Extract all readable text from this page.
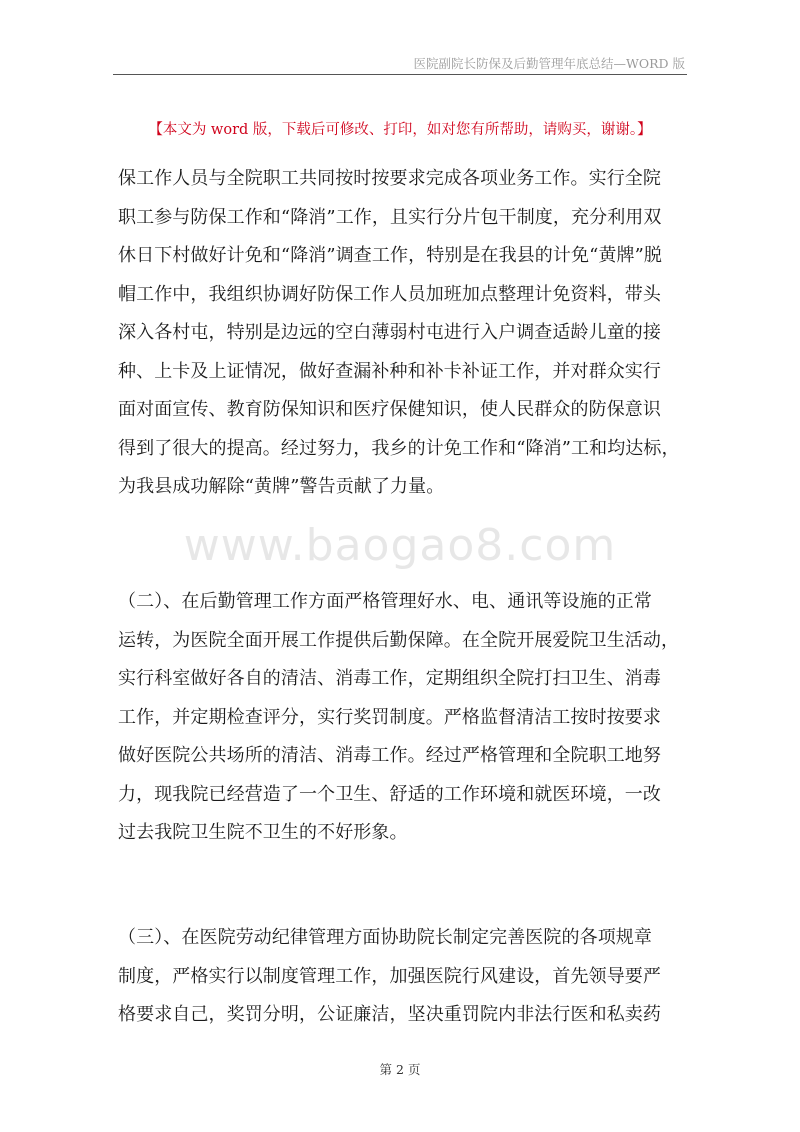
医院副院长防保及后勤管理年底总结—WORD 版
【本文为 word 版，下载后可修改、打印，如对您有所帮助，请购买，谢谢。】
www.baogao8.com

保工作人员与全院职工共同按时按要求完成各项业务工作。实行全院
职工参与防保工作和“降消”工作，且实行分片包干制度，充分利用双
休日下村做好计免和“降消”调查工作，特别是在我县的计免“黄牌”脱
帽工作中，我组织协调好防保工作人员加班加点整理计免资料，带头
深入各村屯，特别是边远的空白薄弱村屯进行入户调查适龄儿童的接
种、上卡及上证情况，做好查漏补种和补卡补证工作，并对群众实行
面对面宣传、教育防保知识和医疗保健知识，使人民群众的防保意识
得到了很大的提高。经过努力，我乡的计免工作和“降消”工和均达标，
为我县成功解除“黄牌”警告贡献了力量。

（二）、在后勤管理工作方面严格管理好水、电、通讯等设施的正常
运转，为医院全面开展工作提供后勤保障。在全院开展爱院卫生活动，
实行科室做好各自的清洁、消毒工作，定期组织全院打扫卫生、消毒
工作，并定期检查评分，实行奖罚制度。严格监督清洁工按时按要求
做好医院公共场所的清洁、消毒工作。经过严格管理和全院职工地努
力，现我院已经营造了一个卫生、舒适的工作环境和就医环境，一改
过去我院卫生院不卫生的不好形象。

（三）、在医院劳动纪律管理方面协助院长制定完善医院的各项规章
制度，严格实行以制度管理工作，加强医院行风建设，首先领导要严
格要求自己，奖罚分明，公证廉洁，坚决重罚院内非法行医和私卖药

第 2 页
